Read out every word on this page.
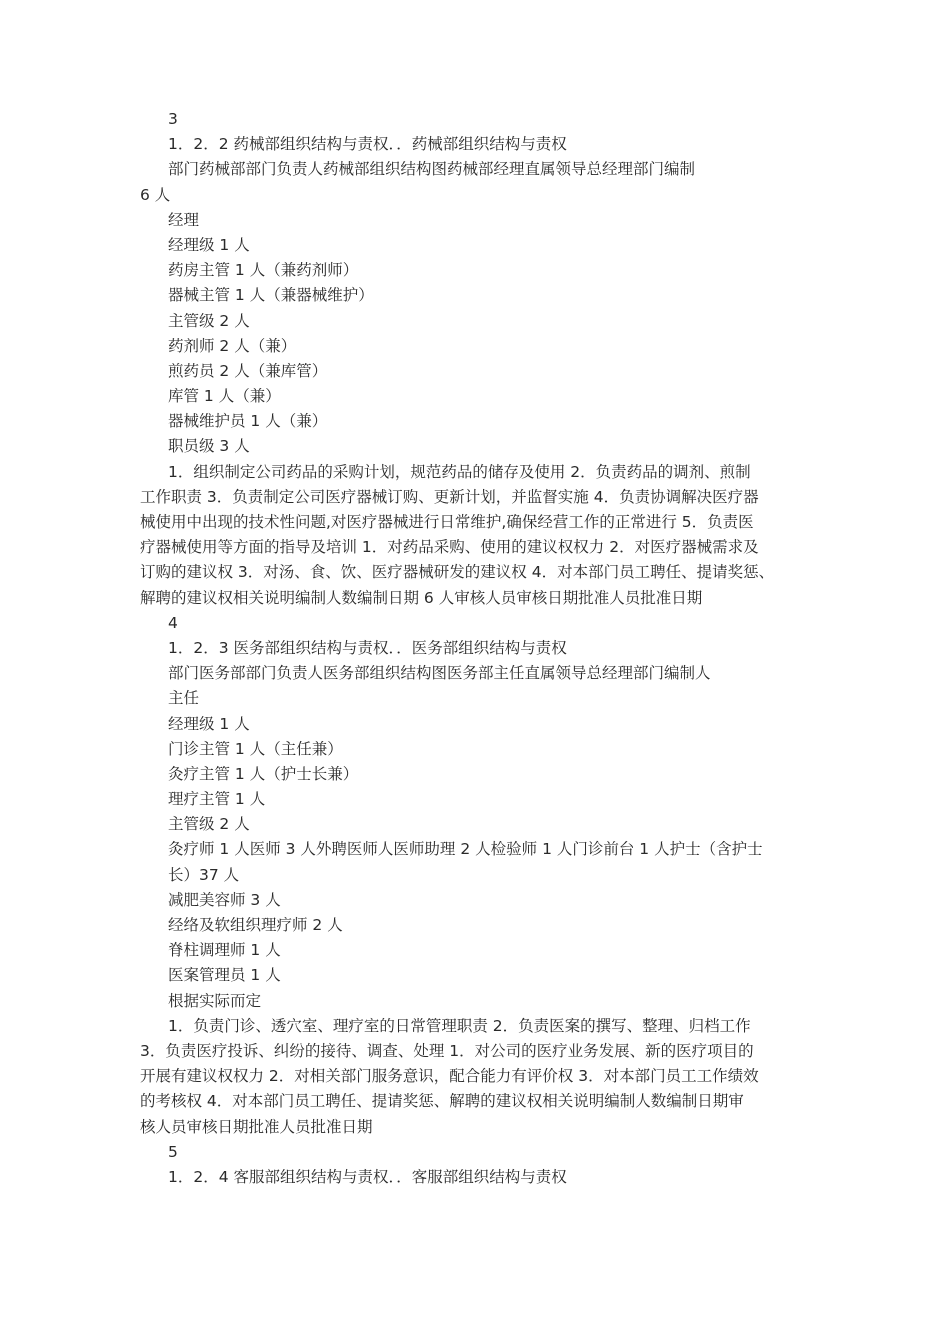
3
1．2．2 药械部组织结构与责权．．药械部组织结构与责权
部门药械部部门负责人药械部组织结构图药械部经理直属领导总经理部门编制
6 人
经理
经理级 1 人
药房主管 1 人（兼药剂师）
器械主管 1 人（兼器械维护）
主管级 2 人
药剂师 2 人（兼）
煎药员 2 人（兼库管）
库管 1 人（兼）
器械维护员 1 人（兼）
职员级 3 人
1．组织制定公司药品的采购计划，规范药品的储存及使用 2．负责药品的调剂、煎制
工作职责 3．负责制定公司医疗器械订购、更新计划，并监督实施 4．负责协调解决医疗器
械使用中出现的技术性问题,对医疗器械进行日常维护,确保经营工作的正常进行 5．负责医
疗器械使用等方面的指导及培训 1．对药品采购、使用的建议权权力 2．对医疗器械需求及
订购的建议权 3．对汤、食、饮、医疗器械研发的建议权 4．对本部门员工聘任、提请奖惩、
解聘的建议权相关说明编制人数编制日期 6 人审核人员审核日期批准人员批准日期
4
1．2．3 医务部组织结构与责权．．医务部组织结构与责权
部门医务部部门负责人医务部组织结构图医务部主任直属领导总经理部门编制人
主任
经理级 1 人
门诊主管 1 人（主任兼）
灸疗主管 1 人（护士长兼）
理疗主管 1 人
主管级 2 人
灸疗师 1 人医师 3 人外聘医师人医师助理 2 人检验师 1 人门诊前台 1 人护士（含护士
长）37 人
减肥美容师 3 人
经络及软组织理疗师 2 人
脊柱调理师 1 人
医案管理员 1 人
根据实际而定
1．负责门诊、透穴室、理疗室的日常管理职责 2．负责医案的撰写、整理、归档工作
3．负责医疗投诉、纠纷的接待、调查、处理 1．对公司的医疗业务发展、新的医疗项目的
开展有建议权权力 2．对相关部门服务意识，配合能力有评价权 3．对本部门员工工作绩效
的考核权 4．对本部门员工聘任、提请奖惩、解聘的建议权相关说明编制人数编制日期审
核人员审核日期批准人员批准日期
5
1．2．4 客服部组织结构与责权．．客服部组织结构与责权
